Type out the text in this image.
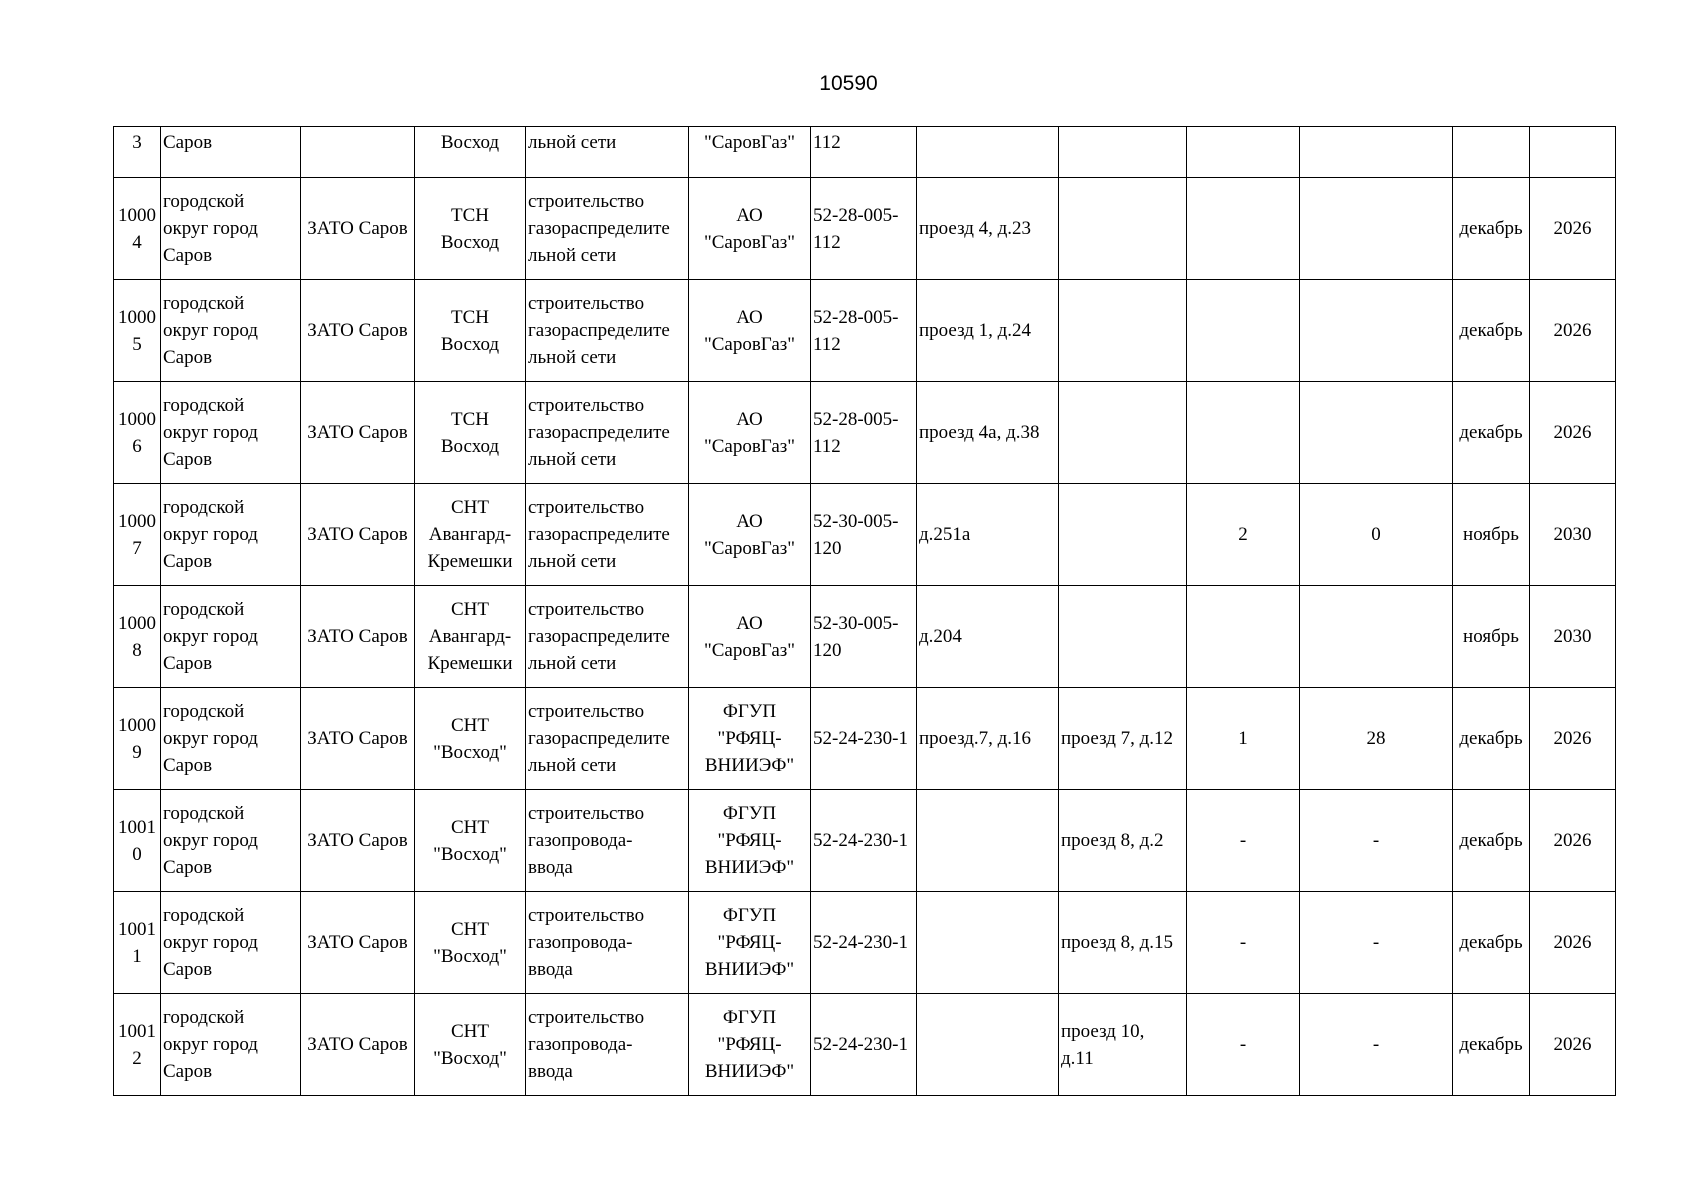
10590
3	Саров		Восход	льной сети	"СаровГаз"	112						

1000
4	городской
округ город
Саров	ЗАТО Саров	ТСН
Восход	строительство
газораспределите
льной сети	АО
"СаровГаз"	52-28-005-
112	проезд 4, д.23				декабрь	2026

1000
5	городской
округ город
Саров	ЗАТО Саров	ТСН
Восход	строительство
газораспределите
льной сети	АО
"СаровГаз"	52-28-005-
112	проезд 1, д.24				декабрь	2026

1000
6	городской
округ город
Саров	ЗАТО Саров	ТСН
Восход	строительство
газораспределите
льной сети	АО
"СаровГаз"	52-28-005-
112	проезд 4а, д.38				декабрь	2026

1000
7	городской
округ город
Саров	ЗАТО Саров	СНТ
Авангард-
Кремешки	строительство
газораспределите
льной сети	АО
"СаровГаз"	52-30-005-
120	д.251а		2	0	ноябрь	2030

1000
8	городской
округ город
Саров	ЗАТО Саров	СНТ
Авангард-
Кремешки	строительство
газораспределите
льной сети	АО
"СаровГаз"	52-30-005-
120	д.204				ноябрь	2030

1000
9	городской
округ город
Саров	ЗАТО Саров	СНТ
"Восход"	строительство
газораспределите
льной сети	ФГУП
"РФЯЦ-
ВНИИЭФ"	52-24-230-1	проезд.7, д.16	проезд 7, д.12	1	28	декабрь	2026

1001
0	городской
округ город
Саров	ЗАТО Саров	СНТ
"Восход"	строительство
газопровода-
ввода	ФГУП
"РФЯЦ-
ВНИИЭФ"	52-24-230-1		проезд 8, д.2	-	-	декабрь	2026

1001
1	городской
округ город
Саров	ЗАТО Саров	СНТ
"Восход"	строительство
газопровода-
ввода	ФГУП
"РФЯЦ-
ВНИИЭФ"	52-24-230-1		проезд 8, д.15	-	-	декабрь	2026

1001
2	городской
округ город
Саров	ЗАТО Саров	СНТ
"Восход"	строительство
газопровода-
ввода	ФГУП
"РФЯЦ-
ВНИИЭФ"	52-24-230-1		проезд 10,
д.11	-	-	декабрь	2026
